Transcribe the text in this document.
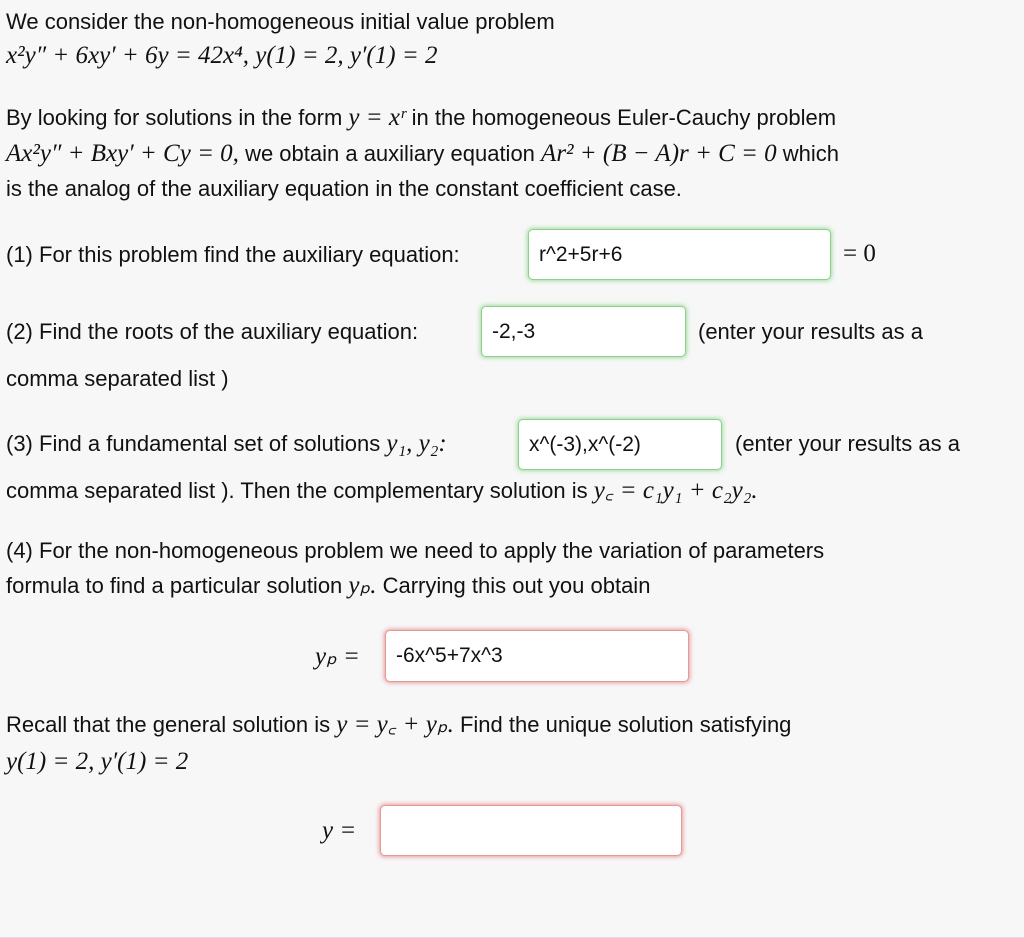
We consider the non-homogeneous initial value problem
x²y″ + 6xy′ + 6y = 42x⁴, y(1) = 2, y′(1) = 2
By looking for solutions in the form y = xʳ in the homogeneous Euler-Cauchy problem
Ax²y″ + Bxy′ + Cy = 0, we obtain a auxiliary equation Ar² + (B − A)r + C = 0 which
is the analog of the auxiliary equation in the constant coefficient case.
(1) For this problem find the auxiliary equation:	r^2+5r+6	= 0
(2) Find the roots of the auxiliary equation:	-2,-3	(enter your results as a
comma separated list )
(3) Find a fundamental set of solutions y₁, y₂:	x^(-3),x^(-2)	(enter your results as a
comma separated list ). Then the complementary solution is y꜀ = c₁y₁ + c₂y₂.
(4) For the non-homogeneous problem we need to apply the variation of parameters
formula to find a particular solution yₚ. Carrying this out you obtain
yₚ =	-6x^5+7x^3
Recall that the general solution is y = y꜀ + yₚ. Find the unique solution satisfying
y(1) = 2, y′(1) = 2
y =
